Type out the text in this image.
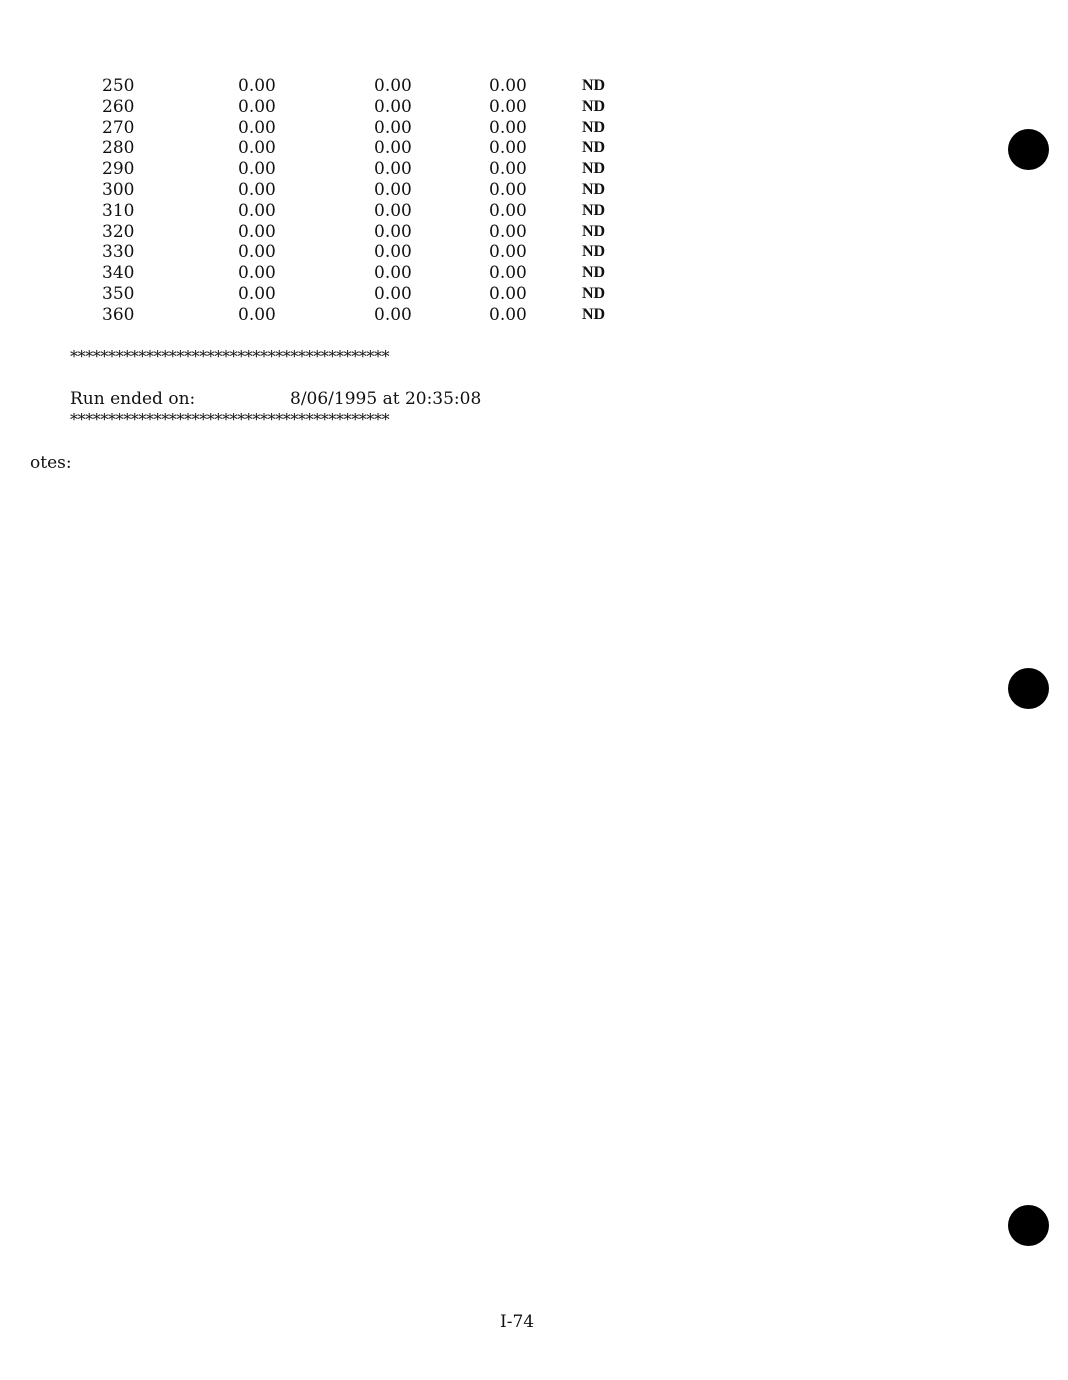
250	0.00	0.00	0.00	ND
260	0.00	0.00	0.00	ND
270	0.00	0.00	0.00	ND
280	0.00	0.00	0.00	ND
290	0.00	0.00	0.00	ND
300	0.00	0.00	0.00	ND
310	0.00	0.00	0.00	ND
320	0.00	0.00	0.00	ND
330	0.00	0.00	0.00	ND
340	0.00	0.00	0.00	ND
350	0.00	0.00	0.00	ND
360	0.00	0.00	0.00	ND
******************************************
Run ended on:	8/06/1995 at 20:35:08
******************************************
otes:
I-74
